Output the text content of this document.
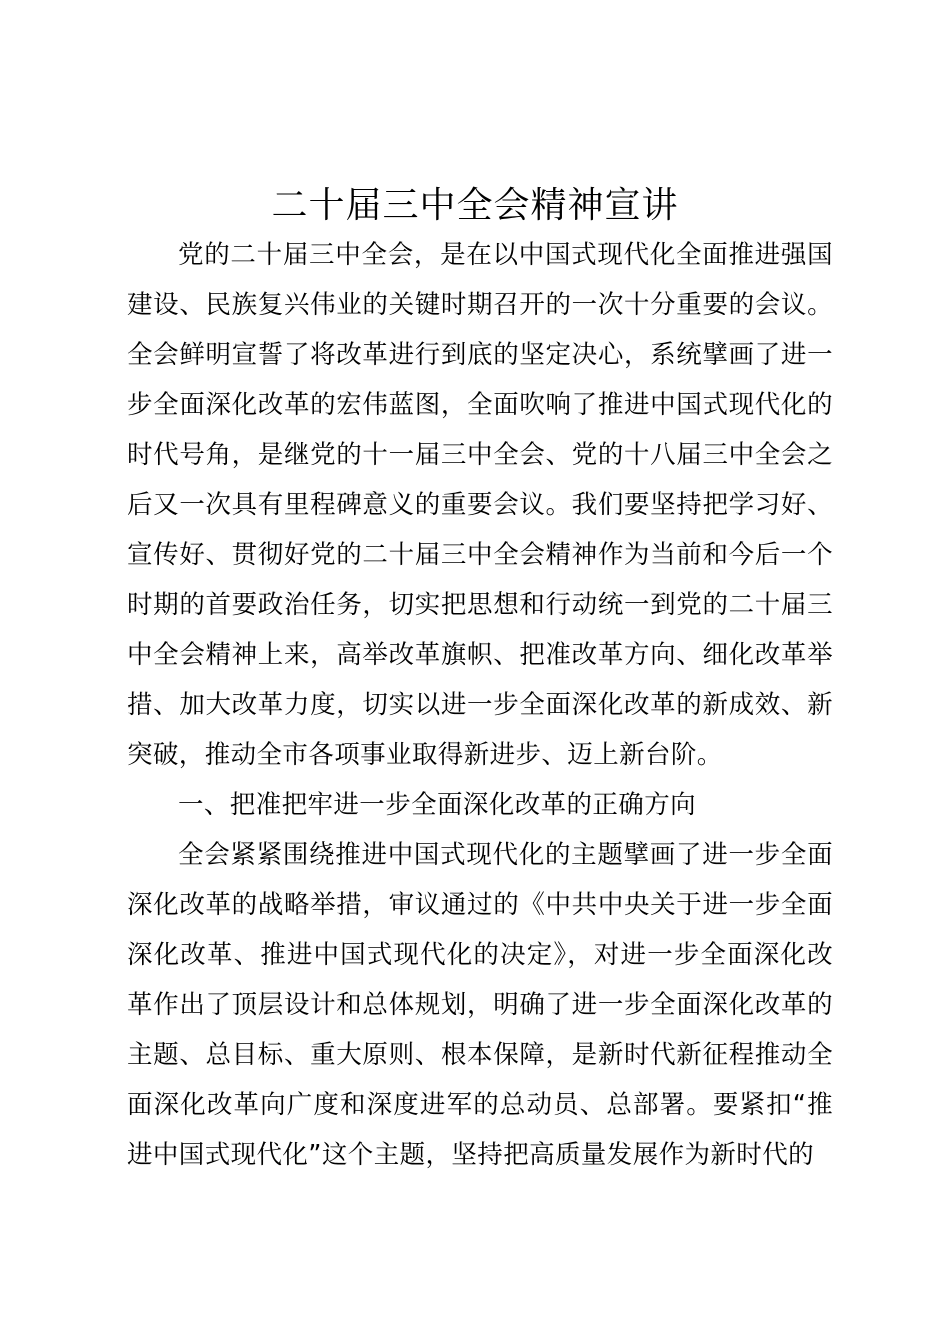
二十届三中全会精神宣讲

党的二十届三中全会，是在以中国式现代化全面推进强国建设、民族复兴伟业的关键时期召开的一次十分重要的会议。全会鲜明宣誓了将改革进行到底的坚定决心，系统擘画了进一步全面深化改革的宏伟蓝图，全面吹响了推进中国式现代化的时代号角，是继党的十一届三中全会、党的十八届三中全会之后又一次具有里程碑意义的重要会议。我们要坚持把学习好、宣传好、贯彻好党的二十届三中全会精神作为当前和今后一个时期的首要政治任务，切实把思想和行动统一到党的二十届三中全会精神上来，高举改革旗帜、把准改革方向、细化改革举措、加大改革力度，切实以进一步全面深化改革的新成效、新突破，推动全市各项事业取得新进步、迈上新台阶。

一、把准把牢进一步全面深化改革的正确方向

全会紧紧围绕推进中国式现代化的主题擘画了进一步全面深化改革的战略举措，审议通过的《中共中央关于进一步全面深化改革、推进中国式现代化的决定》，对进一步全面深化改革作出了顶层设计和总体规划，明确了进一步全面深化改革的主题、总目标、重大原则、根本保障，是新时代新征程推动全面深化改革向广度和深度进军的总动员、总部署。要紧扣“推进中国式现代化”这个主题，坚持把高质量发展作为新时代的
